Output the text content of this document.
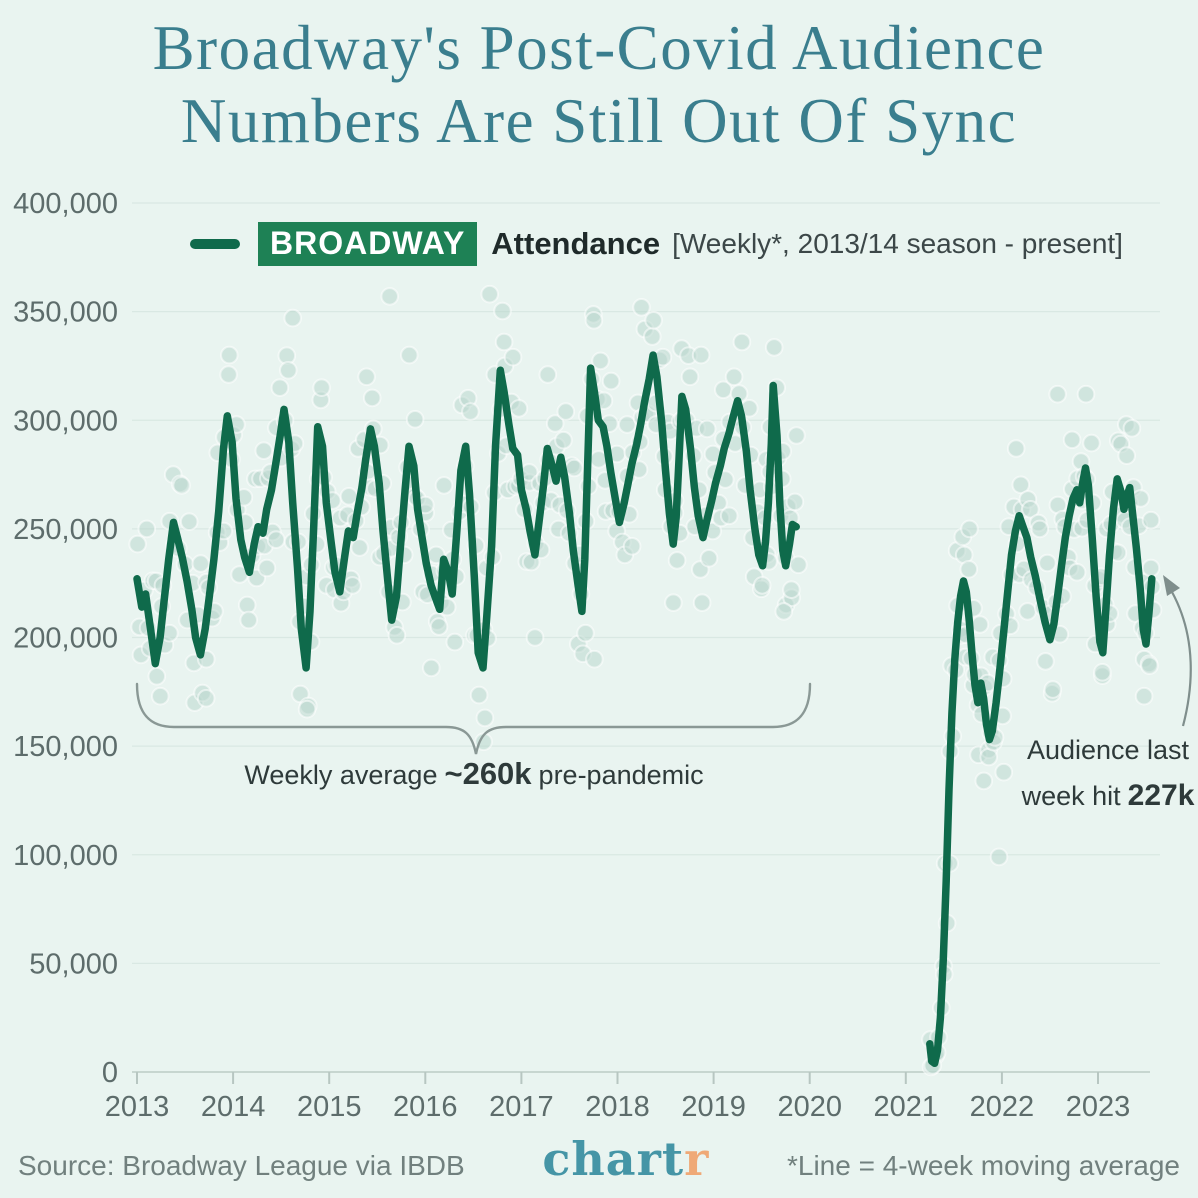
Broadway's Post-Covid Audience
Numbers Are Still Out Of Sync
0
50,000
100,000
150,000
200,000
250,000
300,000
350,000
400,000
2013 2014 2015 2016 2017 2018 2019 2020 2021 2022 2023
BROADWAY Attendance [Weekly*, 2013/14 season - present]
Weekly average ~260k pre-pandemic
Audience last
week hit 227k
Source: Broadway League via IBDB chartr	*Line = 4-week moving average
